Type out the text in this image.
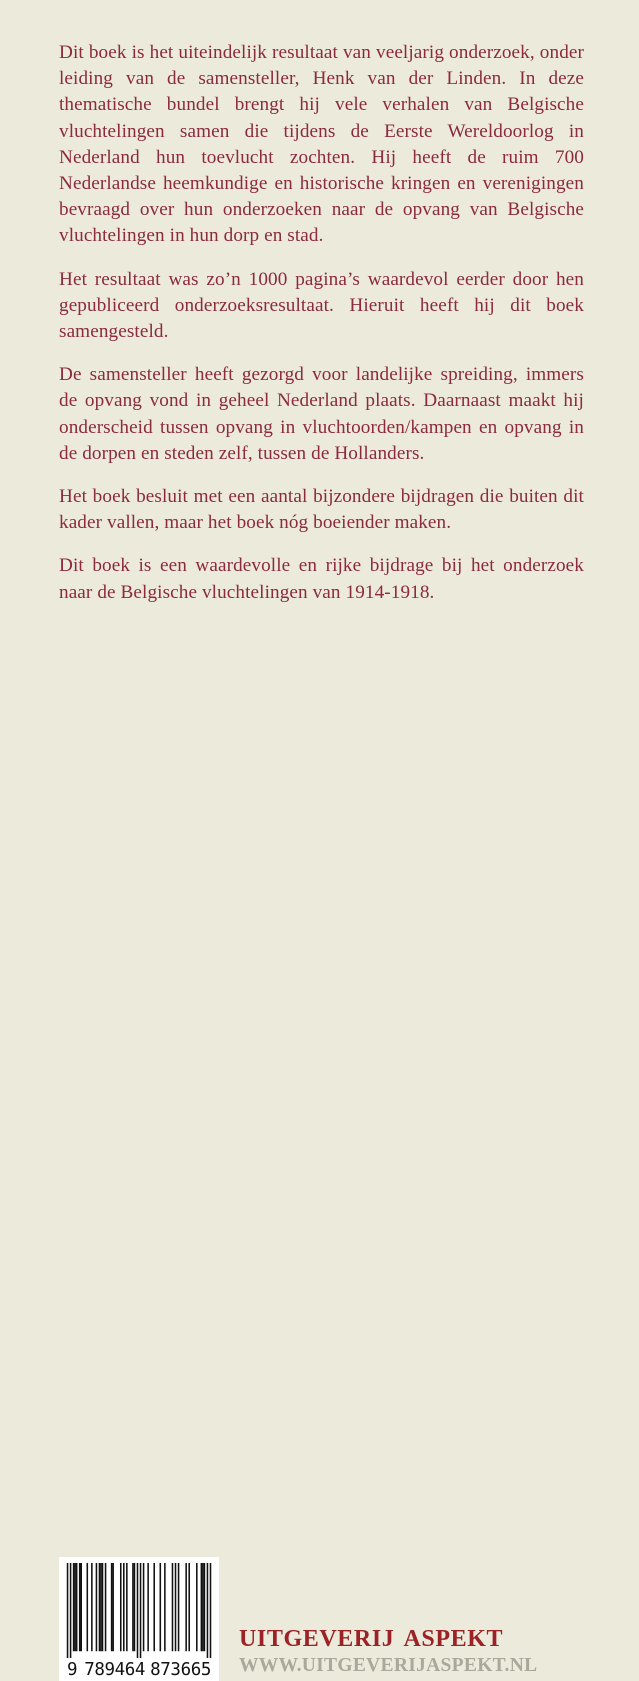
Dit boek is het uiteindelijk resultaat van veeljarig onderzoek, onder leiding van de samensteller, Henk van der Linden. In deze thematische bundel brengt hij vele verhalen van Belgische vluchtelingen samen die tijdens de Eerste Wereldoorlog in Nederland hun toevlucht zochten. Hij heeft de ruim 700 Nederlandse heemkundige en historische kringen en verenigingen bevraagd over hun onderzoeken naar de opvang van Belgische vluchtelingen in hun dorp en stad.

Het resultaat was zo’n 1000 pagina’s waardevol eerder door hen gepubliceerd onderzoeksresultaat. Hieruit heeft hij dit boek samengesteld.

De samensteller heeft gezorgd voor landelijke spreiding, immers de opvang vond in geheel Nederland plaats. Daarnaast maakt hij onderscheid tussen opvang in vluchtoorden/kampen en opvang in de dorpen en steden zelf, tussen de Hollanders.

Het boek besluit met een aantal bijzondere bijdragen die buiten dit kader vallen, maar het boek nóg boeiender maken.

Dit boek is een waardevolle en rijke bijdrage bij het onderzoek naar de Belgische vluchtelingen van 1914-1918.

9 789464 873665
uitgeverij aspekt
WWW.UITGEVERIJASPEKT.NL
